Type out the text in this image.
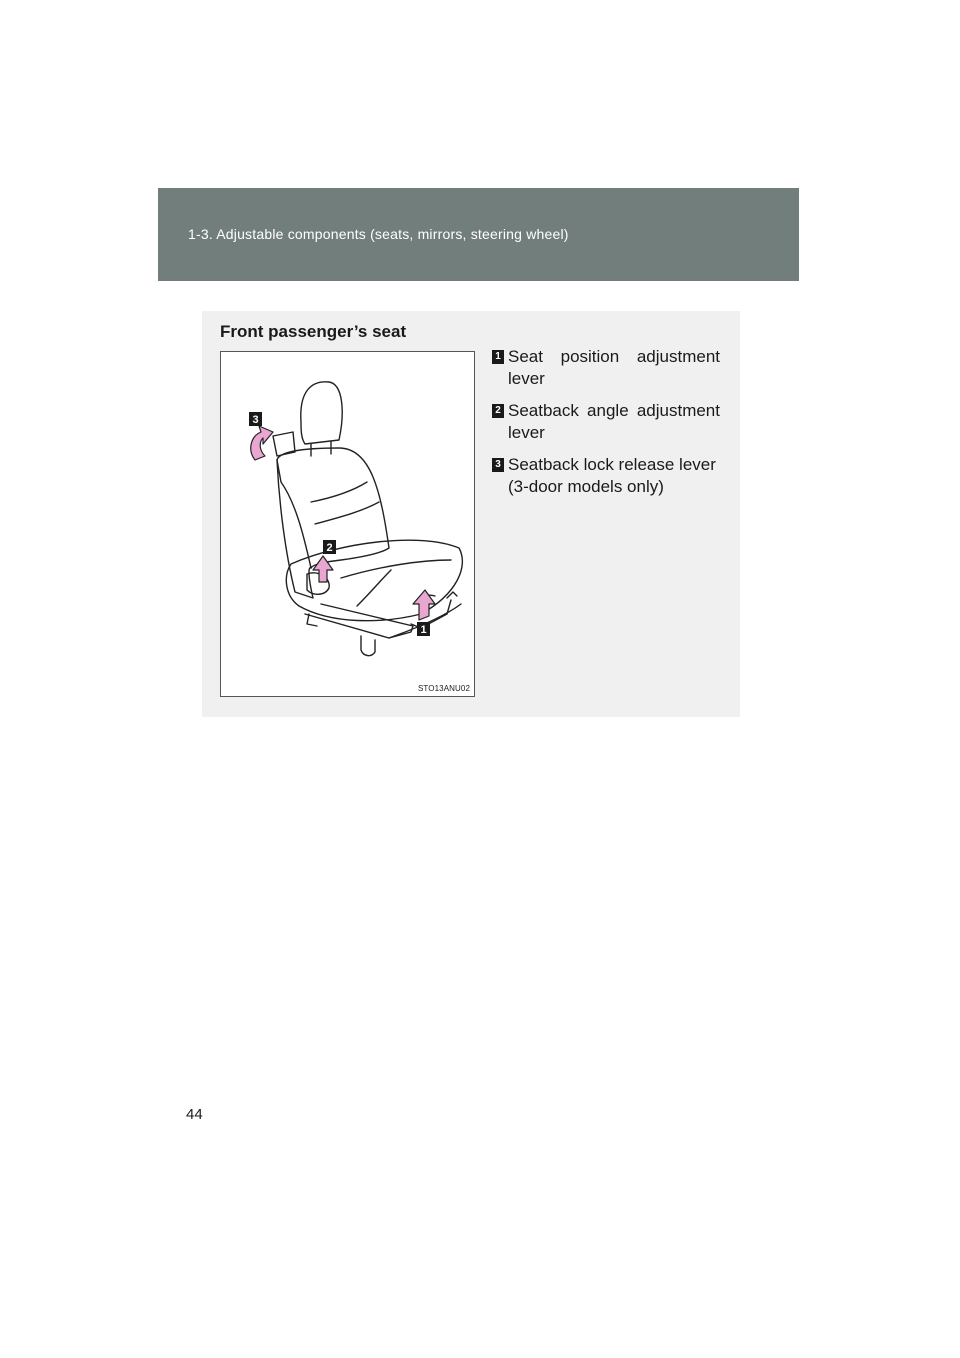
1-3. Adjustable components (seats, mirrors, steering wheel)
Front passenger’s seat
3
2
1
STO13ANU02
1 Seat position adjustment lever
2 Seatback angle adjustment lever
3 Seatback lock release lever (3-door models only)
44
